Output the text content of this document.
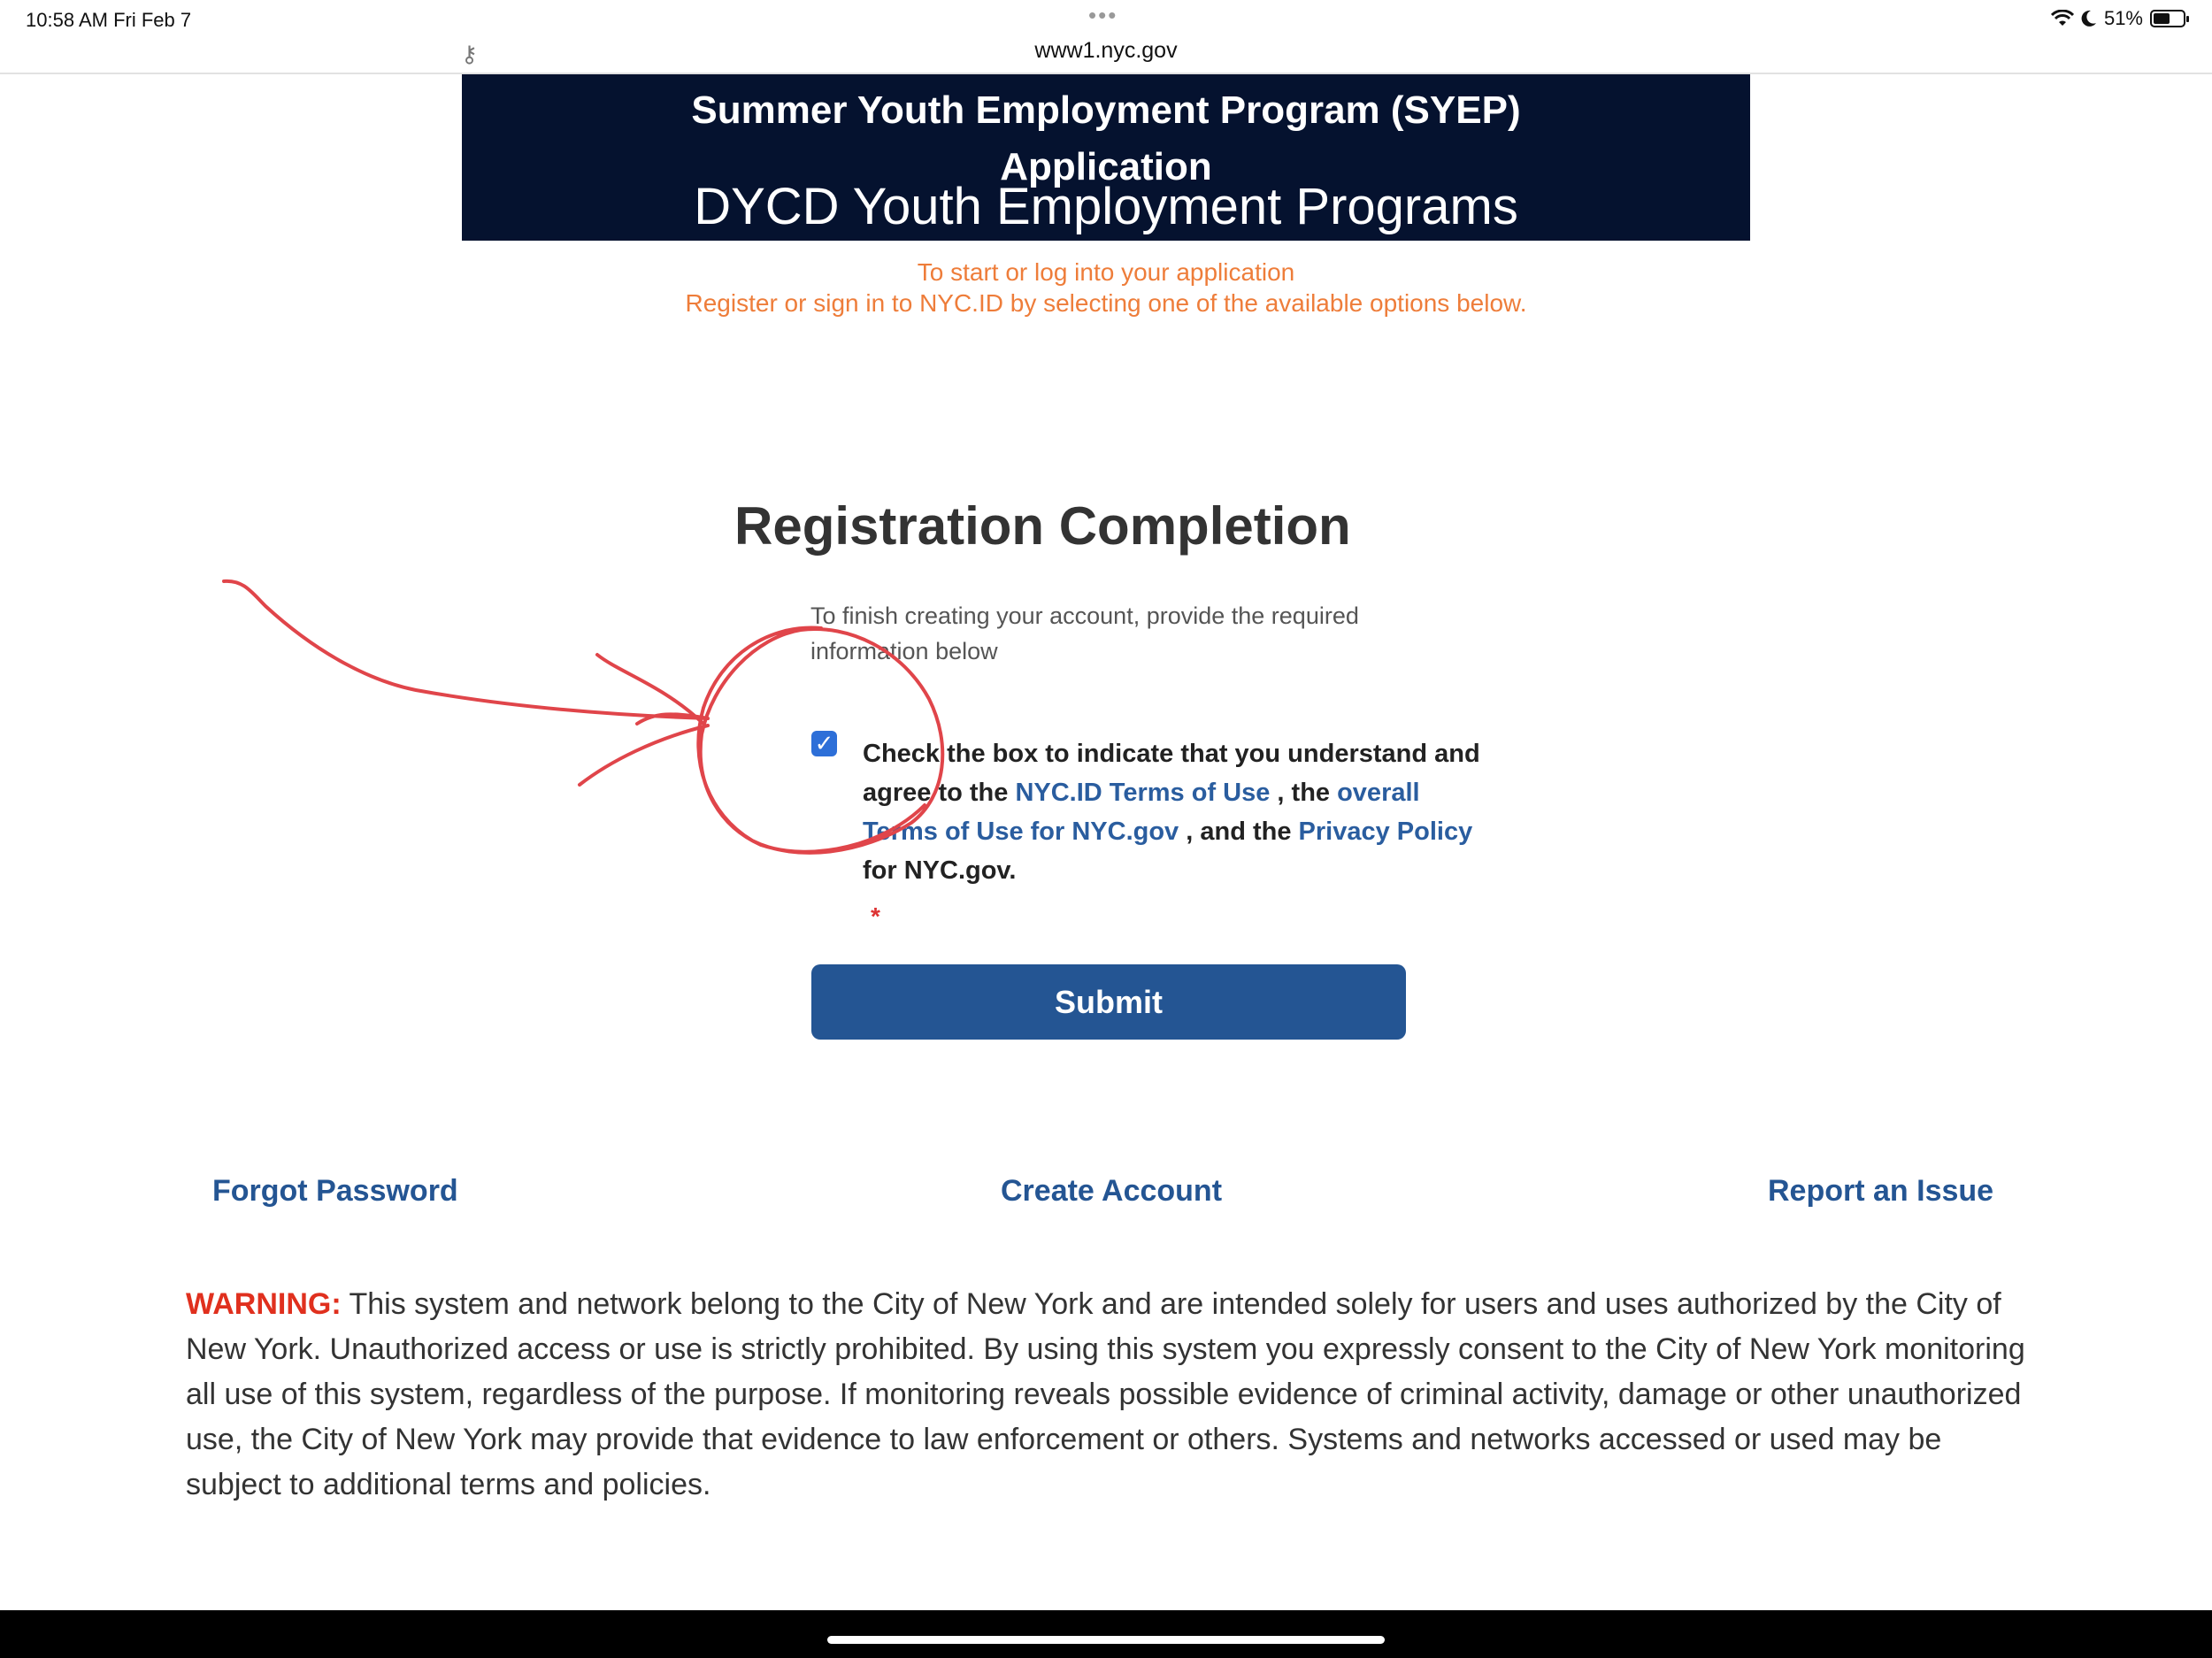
10:58 AM Fri Feb 7	•••	51%
⚷	www1.nyc.gov
Summer Youth Employment Program (SYEP)
Application
DYCD Youth Employment Programs
To start or log into your application
Register or sign in to NYC.ID by selecting one of the available options below.
Registration Completion
To finish creating your account, provide the required information below
✓ Check the box to indicate that you understand and agree to the NYC.ID Terms of Use , the overall Terms of Use for NYC.gov , and the Privacy Policy for NYC.gov.
*
Submit
Forgot Password	Create Account	Report an Issue
WARNING: This system and network belong to the City of New York and are intended solely for users and uses authorized by the City of New York. Unauthorized access or use is strictly prohibited. By using this system you expressly consent to the City of New York monitoring all use of this system, regardless of the purpose. If monitoring reveals possible evidence of criminal activity, damage or other unauthorized use, the City of New York may provide that evidence to law enforcement or others. Systems and networks accessed or used may be subject to additional terms and policies.
